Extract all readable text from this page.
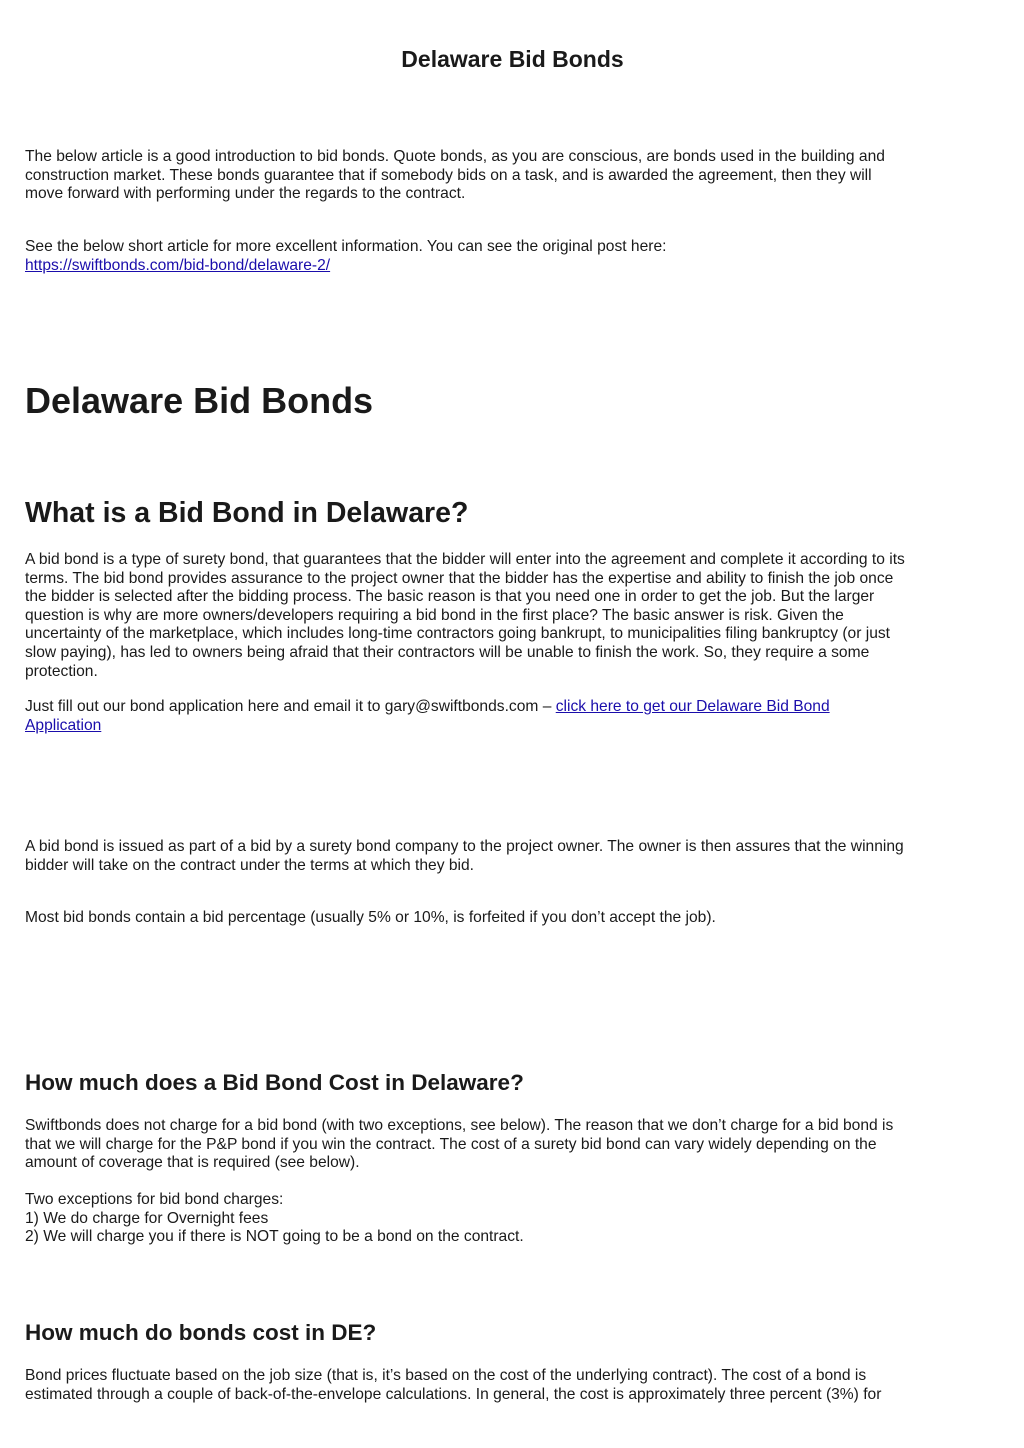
Delaware Bid Bonds

The below article is a good introduction to bid bonds. Quote bonds, as you are conscious, are bonds used in the building and

construction market. These bonds guarantee that if somebody bids on a task, and is awarded the agreement, then they will

move forward with performing under the regards to the contract.

See the below short article for more excellent information. You can see the original post here:

https://swiftbonds.com/bid-bond/delaware-2/

Delaware Bid Bonds
What is a Bid Bond in Delaware?

A bid bond is a type of surety bond, that guarantees that the bidder will enter into the agreement and complete it according to its

terms. The bid bond provides assurance to the project owner that the bidder has the expertise and ability to finish the job once

the bidder is selected after the bidding process. The basic reason is that you need one in order to get the job. But the larger

question is why are more owners/developers requiring a bid bond in the first place? The basic answer is risk. Given the

uncertainty of the marketplace, which includes long-time contractors going bankrupt, to municipalities filing bankruptcy (or just

slow paying), has led to owners being afraid that their contractors will be unable to finish the work. So, they require a some

protection.

Just fill out our bond application here and email it to gary@swiftbonds.com – click here to get our Delaware Bid Bond

Application

A bid bond is issued as part of a bid by a surety bond company to the project owner. The owner is then assures that the winning

bidder will take on the contract under the terms at which they bid.

Most bid bonds contain a bid percentage (usually 5% or 10%, is forfeited if you don’t accept the job).

How much does a Bid Bond Cost in Delaware?

Swiftbonds does not charge for a bid bond (with two exceptions, see below). The reason that we don’t charge for a bid bond is

that we will charge for the P&P bond if you win the contract. The cost of a surety bid bond can vary widely depending on the

amount of coverage that is required (see below).

Two exceptions for bid bond charges:

1) We do charge for Overnight fees

2) We will charge you if there is NOT going to be a bond on the contract.

How much do bonds cost in DE?

Bond prices fluctuate based on the job size (that is, it’s based on the cost of the underlying contract). The cost of a bond is

estimated through a couple of back-of-the-envelope calculations. In general, the cost is approximately three percent (3%) for
